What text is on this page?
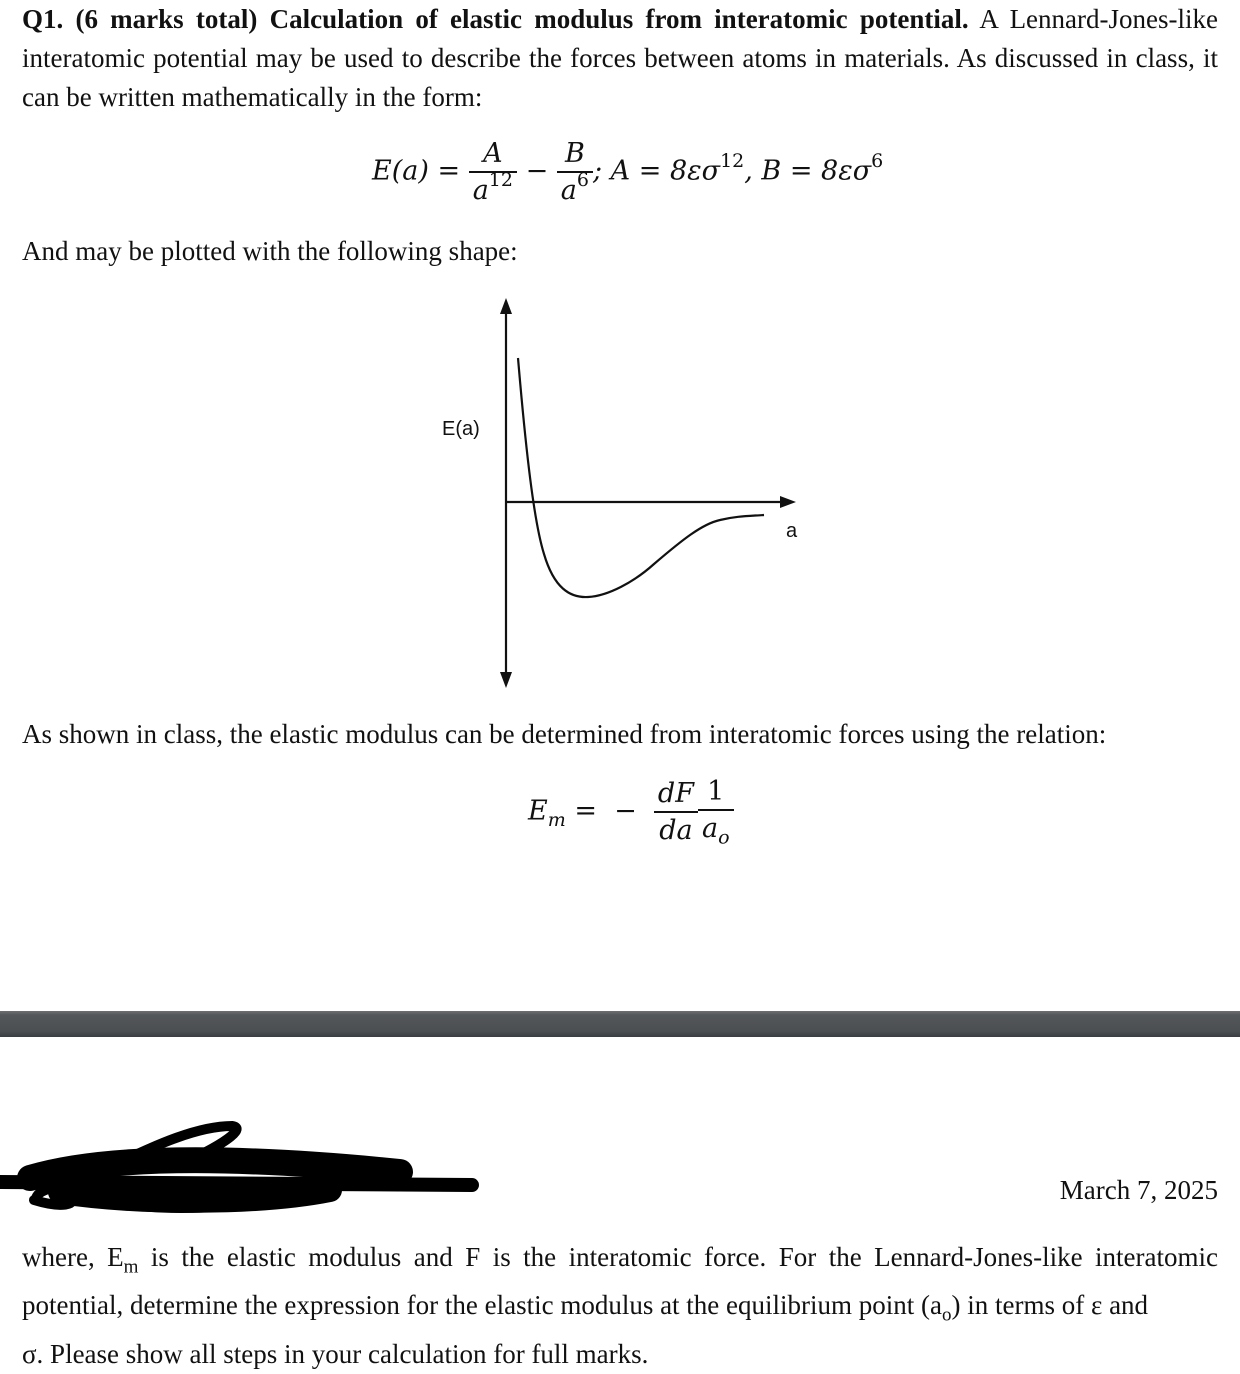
Q1. (6 marks total) Calculation of elastic modulus from interatomic potential. A Lennard-Jones-like interatomic potential may be used to describe the forces between atoms in materials. As discussed in class, it can be written mathematically in the form:
$E(a) = \frac{A}{a^{12}} - \frac{B}{a^6}$ ; $A = 8\varepsilon\sigma^{12}$, $B = 8\varepsilon\sigma^6$
And may be plotted with the following shape:
E(a)
a
As shown in class, the elastic modulus can be determined from interatomic forces using the relation:
$E_m$ =  − $\frac{dF}{da} \frac{1}{a_o}$
March 7, 2025
where, $E_m$ is the elastic modulus and F is the interatomic force. For the Lennard-Jones-like interatomic potential, determine the expression for the elastic modulus at the equilibrium point $(a_o)$ in terms of ε and
σ. Please show all steps in your calculation for full marks.
